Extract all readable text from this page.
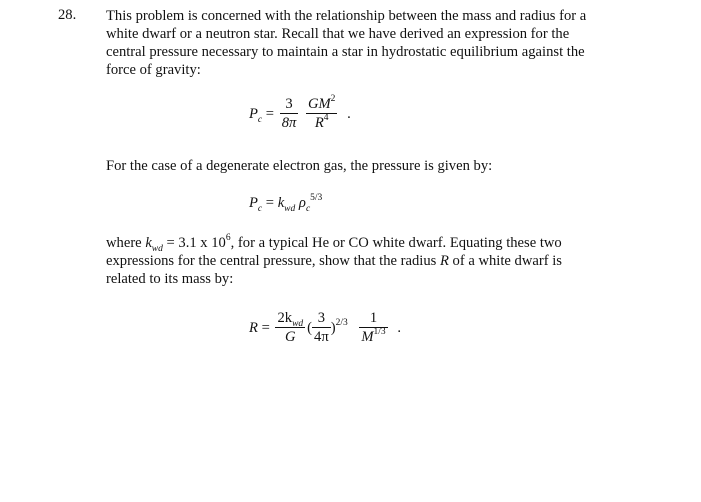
28. This problem is concerned with the relationship between the mass and radius for a
white dwarf or a neutron star. Recall that we have derived an expression for the
central pressure necessary to maintain a star in hydrostatic equilibrium against the
force of gravity:
$P_c = \frac{3}{8\pi}$
$\frac{GM^2}{R^4}$ .
For the case of a degenerate electron gas, the pressure is given by:
$P_c = k_{wd}$ $\rho_c^{5/3}$
where $k_{wd} = 3.1$ x $10^6$, for a typical He or CO white dwarf. Equating these two
expressions for the central pressure, show that the radius R of a white dwarf is
related to its mass by:
$R = \frac{2k_{wd}}{G}$ ( $\frac{3}{4\pi} )^{2/3} \frac{1}{M^{1/3}}$ .
